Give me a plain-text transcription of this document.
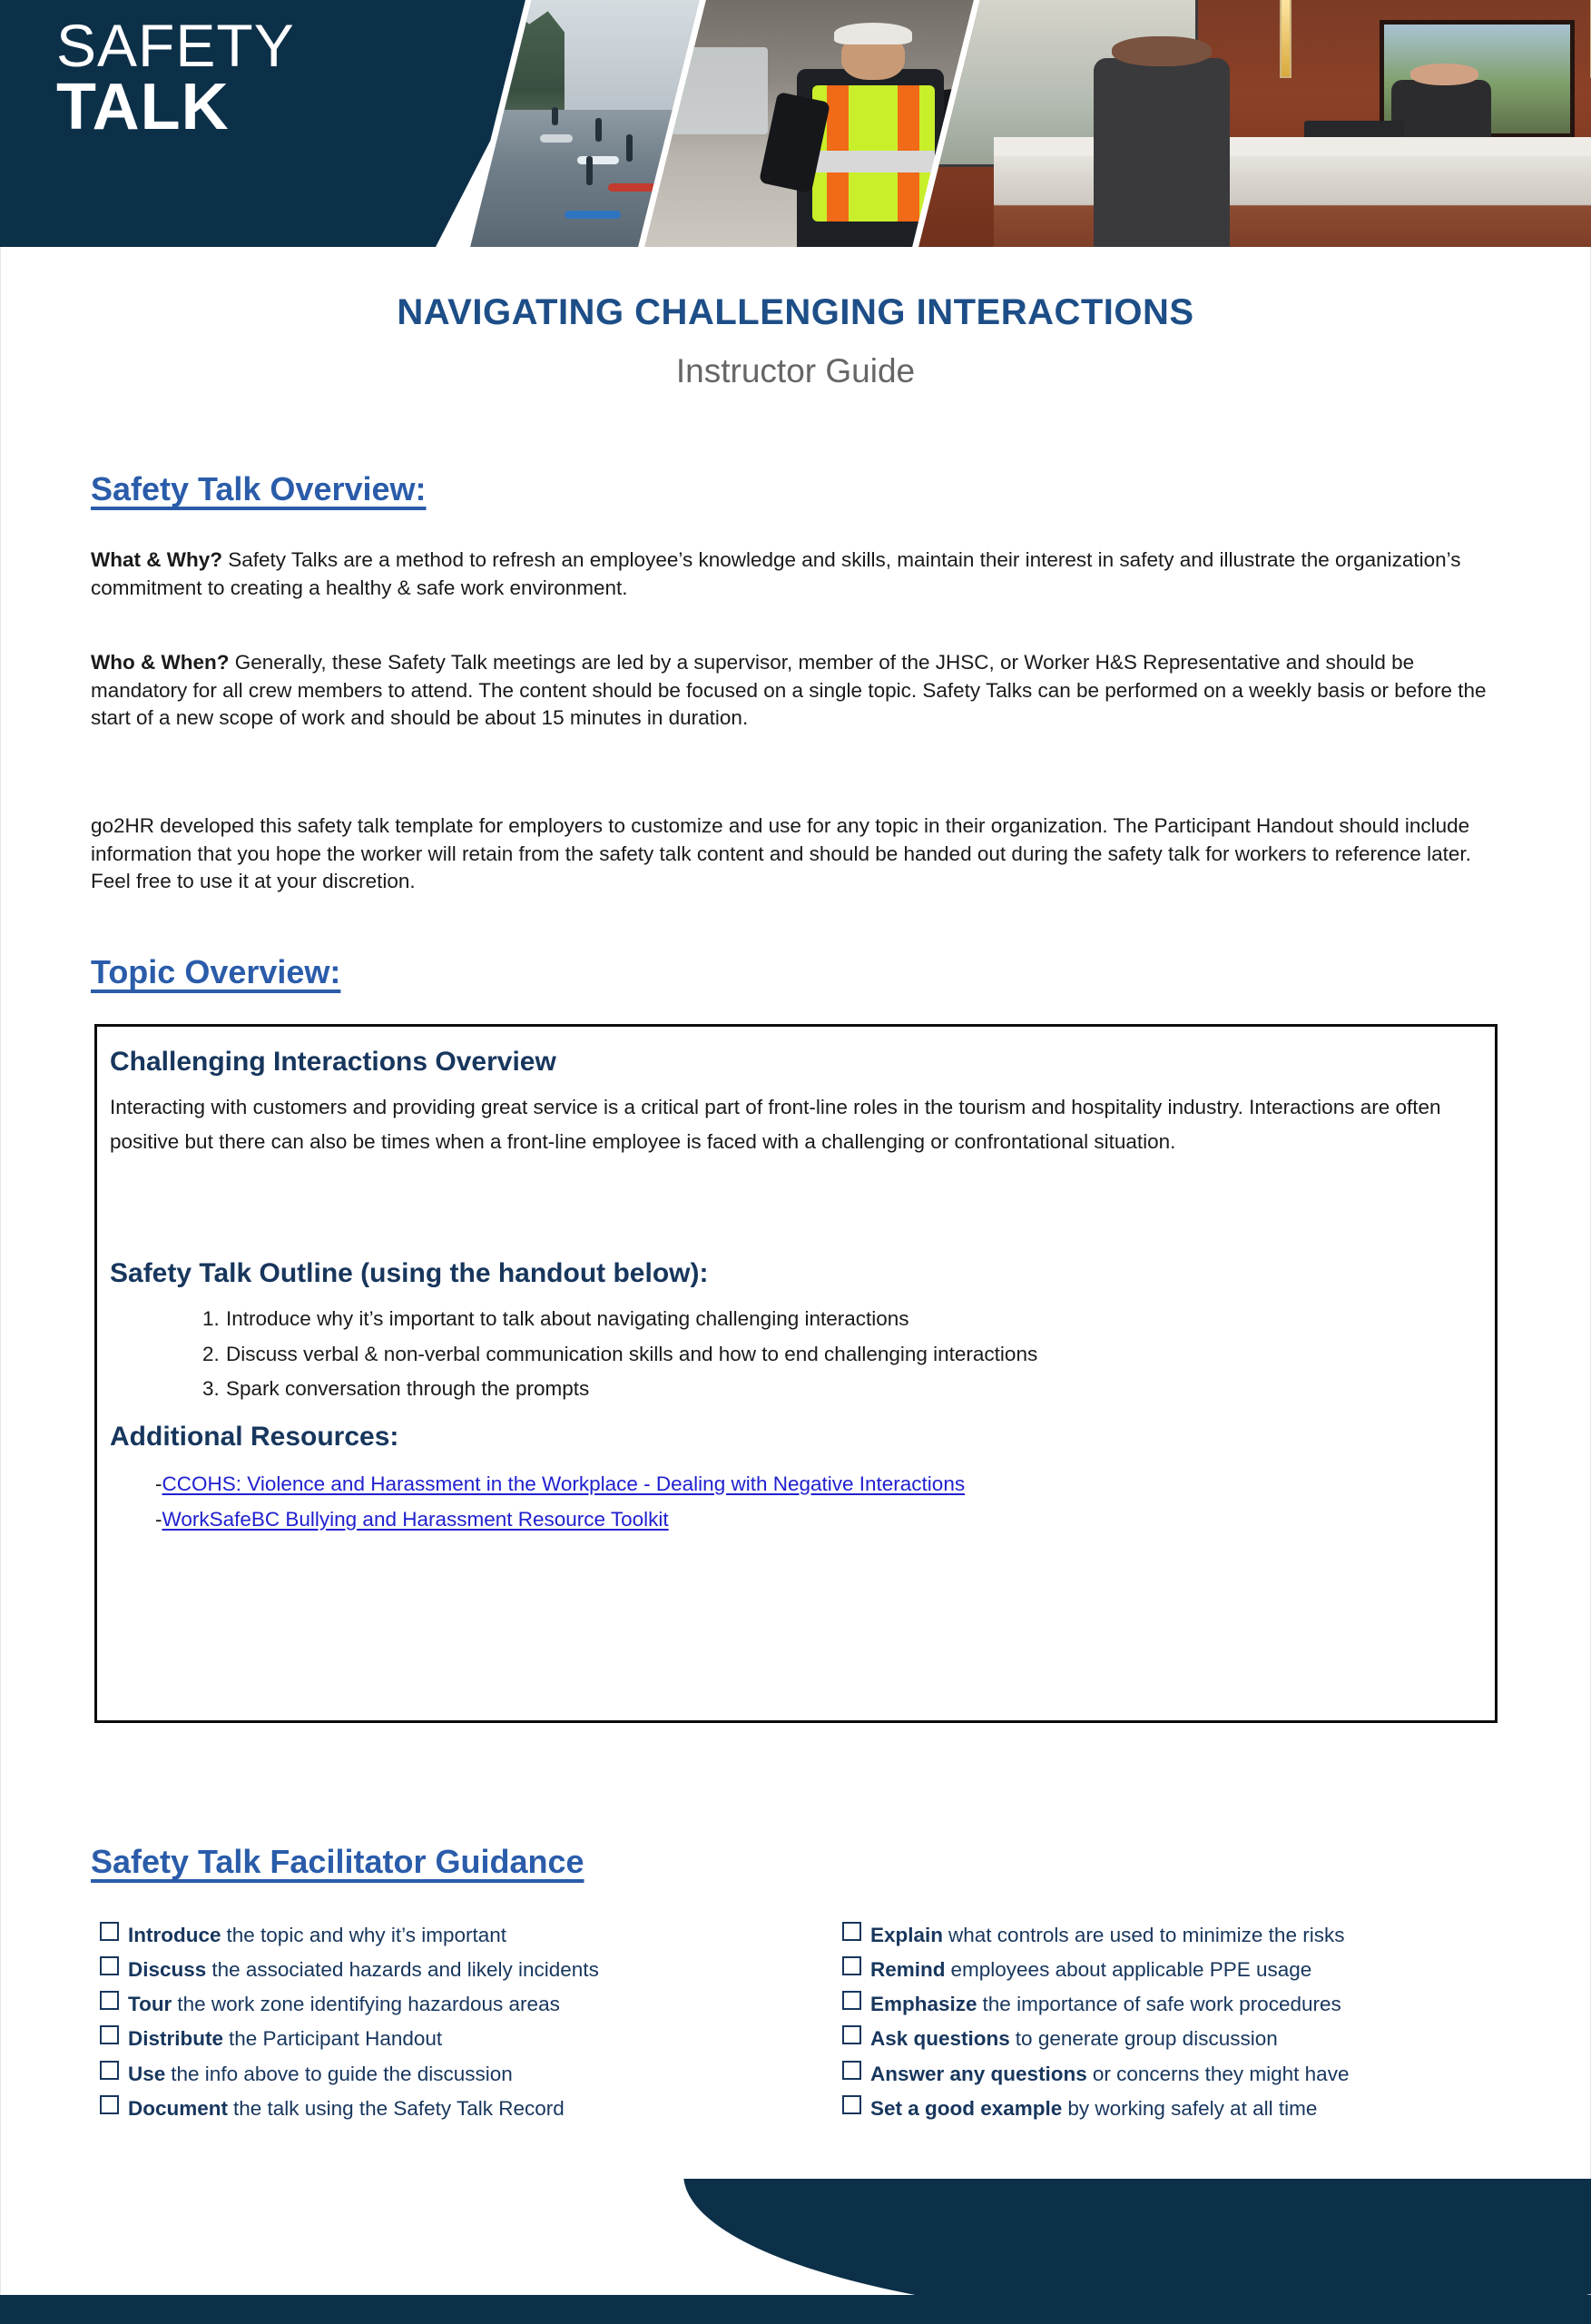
SAFETY
TALK
NAVIGATING CHALLENGING INTERACTIONS
Instructor Guide
Safety Talk Overview:
What & Why? Safety Talks are a method to refresh an employee’s knowledge and skills, maintain their interest in safety and illustrate the organization’s commitment to creating a healthy & safe work environment.
Who & When? Generally, these Safety Talk meetings are led by a supervisor, member of the JHSC, or Worker H&S Representative and should be mandatory for all crew members to attend. The content should be focused on a single topic. Safety Talks can be performed on a weekly basis or before the start of a new scope of work and should be about 15 minutes in duration.
go2HR developed this safety talk template for employers to customize and use for any topic in their organization. The Participant Handout should include information that you hope the worker will retain from the safety talk content and should be handed out during the safety talk for workers to reference later. Feel free to use it at your discretion.
Topic Overview:
Challenging Interactions Overview
Interacting with customers and providing great service is a critical part of front-line roles in the tourism and hospitality industry. Interactions are often positive but there can also be times when a front-line employee is faced with a challenging or confrontational situation.
Safety Talk Outline (using the handout below):
1. Introduce why it’s important to talk about navigating challenging interactions
2. Discuss verbal & non-verbal communication skills and how to end challenging interactions
3. Spark conversation through the prompts
Additional Resources:
-CCOHS: Violence and Harassment in the Workplace - Dealing with Negative Interactions
-WorkSafeBC Bullying and Harassment Resource Toolkit
Safety Talk Facilitator Guidance
Introduce the topic and why it’s important
Discuss the associated hazards and likely incidents
Tour the work zone identifying hazardous areas
Distribute the Participant Handout
Use the info above to guide the discussion
Document the talk using the Safety Talk Record
Explain what controls are used to minimize the risks
Remind employees about applicable PPE usage
Emphasize the importance of safe work procedures
Ask questions to generate group discussion
Answer any questions or concerns they might have
Set a good example by working safely at all time
